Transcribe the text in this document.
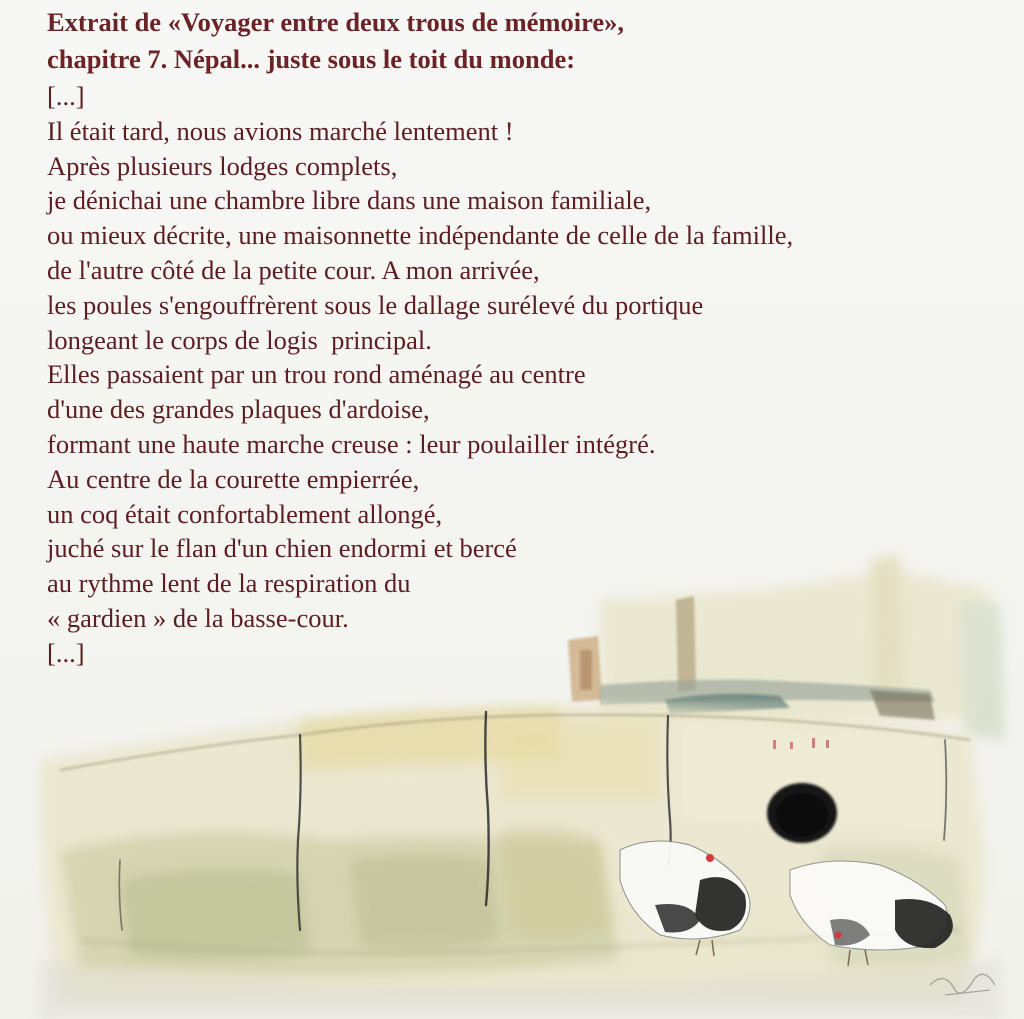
Extrait de «Voyager entre deux trous de mémoire»,
chapitre 7. Népal... juste sous le toit du monde:
[...]
Il était tard, nous avions marché lentement !
Après plusieurs lodges complets,
je dénichai une chambre libre dans une maison familiale,
ou mieux décrite, une maisonnette indépendante de celle de la famille,
de l'autre côté de la petite cour. A mon arrivée,
les poules s'engouffrèrent sous le dallage surélevé du portique
longeant le corps de logis  principal.
Elles passaient par un trou rond aménagé au centre
d'une des grandes plaques d'ardoise,
formant une haute marche creuse : leur poulailler intégré.
Au centre de la courette empierrée,
un coq était confortablement allongé,
juché sur le flan d'un chien endormi et bercé
au rythme lent de la respiration du
« gardien » de la basse-cour.
[...]
